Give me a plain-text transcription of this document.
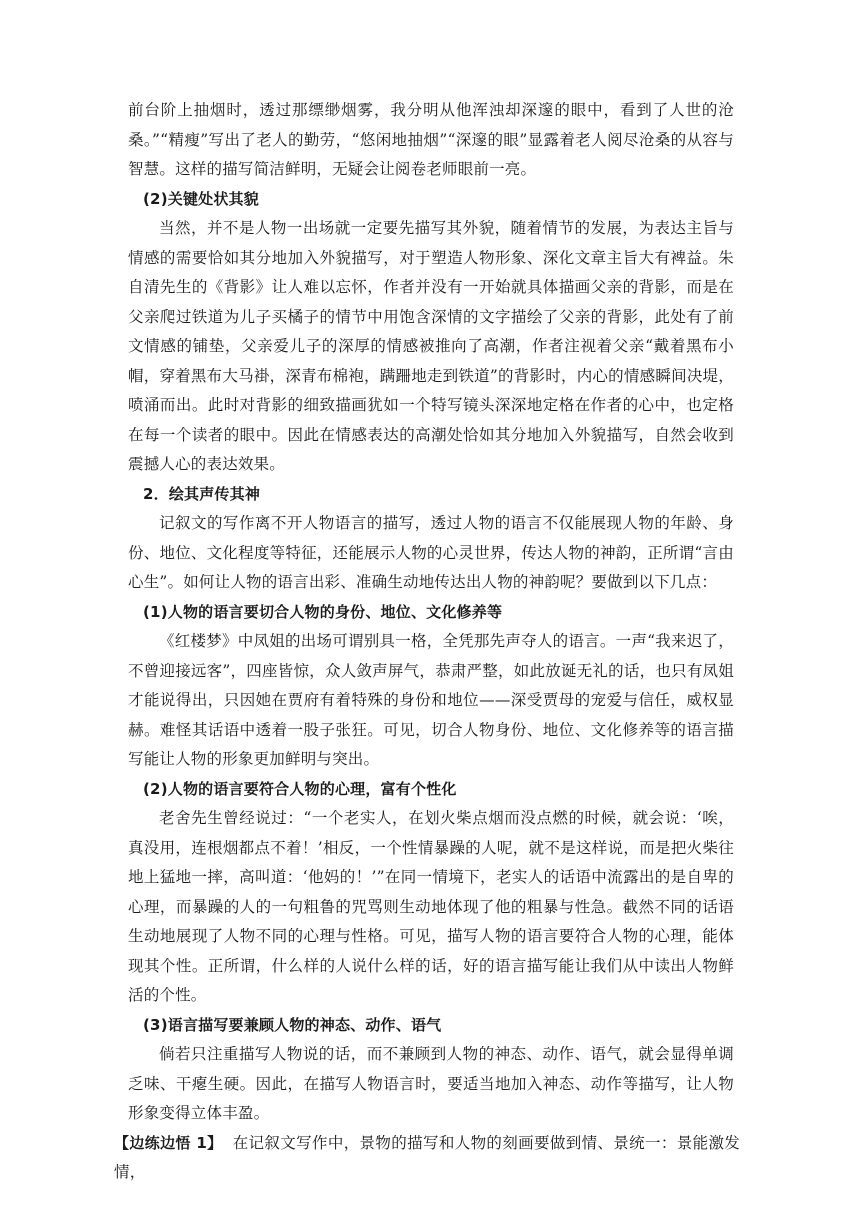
前台阶上抽烟时，透过那缥缈烟雾，我分明从他浑浊却深邃的眼中，看到了人世的沧桑。”“精瘦”写出了老人的勤劳，“悠闲地抽烟”“深邃的眼”显露着老人阅尽沧桑的从容与智慧。这样的描写简洁鲜明，无疑会让阅卷老师眼前一亮。

(2)关键处状其貌

当然，并不是人物一出场就一定要先描写其外貌，随着情节的发展，为表达主旨与情感的需要恰如其分地加入外貌描写，对于塑造人物形象、深化文章主旨大有裨益。朱自清先生的《背影》让人难以忘怀，作者并没有一开始就具体描画父亲的背影，而是在父亲爬过铁道为儿子买橘子的情节中用饱含深情的文字描绘了父亲的背影，此处有了前文情感的铺垫，父亲爱儿子的深厚的情感被推向了高潮，作者注视着父亲“戴着黑布小帽，穿着黑布大马褂，深青布棉袍，蹒跚地走到铁道”的背影时，内心的情感瞬间决堤，喷涌而出。此时对背影的细致描画犹如一个特写镜头深深地定格在作者的心中，也定格在每一个读者的眼中。因此在情感表达的高潮处恰如其分地加入外貌描写，自然会收到震撼人心的表达效果。

2．绘其声传其神

记叙文的写作离不开人物语言的描写，透过人物的语言不仅能展现人物的年龄、身份、地位、文化程度等特征，还能展示人物的心灵世界，传达人物的神韵，正所谓“言由心生”。如何让人物的语言出彩、准确生动地传达出人物的神韵呢？要做到以下几点：

(1)人物的语言要切合人物的身份、地位、文化修养等

《红楼梦》中凤姐的出场可谓别具一格，全凭那先声夺人的语言。一声“我来迟了，不曾迎接远客”，四座皆惊，众人敛声屏气，恭肃严整，如此放诞无礼的话，也只有凤姐才能说得出，只因她在贾府有着特殊的身份和地位——深受贾母的宠爱与信任，威权显赫。难怪其话语中透着一股子张狂。可见，切合人物身份、地位、文化修养等的语言描写能让人物的形象更加鲜明与突出。

(2)人物的语言要符合人物的心理，富有个性化

老舍先生曾经说过：“一个老实人，在划火柴点烟而没点燃的时候，就会说：‘唉，真没用，连根烟都点不着！’相反，一个性情暴躁的人呢，就不是这样说，而是把火柴往地上猛地一摔，高叫道：‘他妈的！’”在同一情境下，老实人的话语中流露出的是自卑的心理，而暴躁的人的一句粗鲁的咒骂则生动地体现了他的粗暴与性急。截然不同的话语生动地展现了人物不同的心理与性格。可见，描写人物的语言要符合人物的心理，能体现其个性。正所谓，什么样的人说什么样的话，好的语言描写能让我们从中读出人物鲜活的个性。

(3)语言描写要兼顾人物的神态、动作、语气

倘若只注重描写人物说的话，而不兼顾到人物的神态、动作、语气，就会显得单调乏味、干瘪生硬。因此，在描写人物语言时，要适当地加入神态、动作等描写，让人物形象变得立体丰盈。

【边练边悟 1】 在记叙文写作中，景物的描写和人物的刻画要做到情、景统一：景能激发情，
